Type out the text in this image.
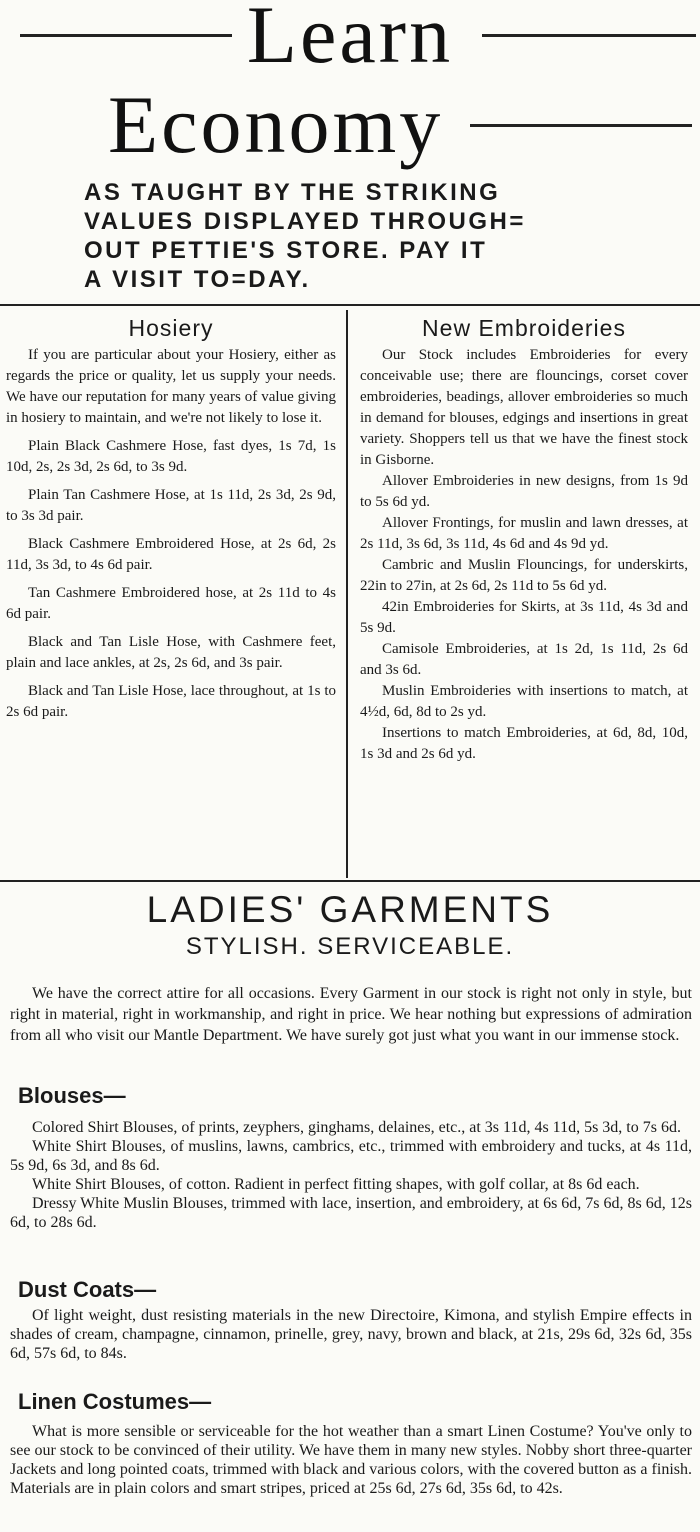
Learn
Economy
AS TAUGHT BY THE STRIKING
VALUES DISPLAYED THROUGH=
OUT PETTIE'S STORE. PAY IT
A VISIT TO=DAY.
Hosiery

If you are particular about your Hosiery, either as regards the price or quality, let us supply your needs. We have our reputation for many years of value giving in hosiery to maintain, and we're not likely to lose it.

Plain Black Cashmere Hose, fast dyes, 1s 7d, 1s 10d, 2s, 2s 3d, 2s 6d, to 3s 9d.

Plain Tan Cashmere Hose, at 1s 11d, 2s 3d, 2s 9d, to 3s 3d pair.

Black Cashmere Embroidered Hose, at 2s 6d, 2s 11d, 3s 3d, to 4s 6d pair.

Tan Cashmere Embroidered hose, at 2s 11d to 4s 6d pair.

Black and Tan Lisle Hose, with Cashmere feet, plain and lace ankles, at 2s, 2s 6d, and 3s pair.

Black and Tan Lisle Hose, lace throughout, at 1s to 2s 6d pair.

New Embroideries

Our Stock includes Embroideries for every conceivable use; there are flouncings, corset cover embroideries, beadings, allover embroideries so much in demand for blouses, edgings and insertions in great variety. Shoppers tell us that we have the finest stock in Gisborne.

Allover Embroideries in new designs, from 1s 9d to 5s 6d yd.

Allover Frontings, for muslin and lawn dresses, at 2s 11d, 3s 6d, 3s 11d, 4s 6d and 4s 9d yd.

Cambric and Muslin Flouncings, for underskirts, 22in to 27in, at 2s 6d, 2s 11d to 5s 6d yd.

42in Embroideries for Skirts, at 3s 11d, 4s 3d and 5s 9d.

Camisole Embroideries, at 1s 2d, 1s 11d, 2s 6d and 3s 6d.

Muslin Embroideries with insertions to match, at 4½d, 6d, 8d to 2s yd.

Insertions to match Embroideries, at 6d, 8d, 10d, 1s 3d and 2s 6d yd.

LADIES' GARMENTS
STYLISH. SERVICEABLE.

We have the correct attire for all occasions. Every Garment in our stock is right not only in style, but right in material, right in workmanship, and right in price. We hear nothing but expressions of admiration from all who visit our Mantle Department. We have surely got just what you want in our immense stock.

Blouses—

Colored Shirt Blouses, of prints, zeyphers, ginghams, delaines, etc., at 3s 11d, 4s 11d, 5s 3d, to 7s 6d.

White Shirt Blouses, of muslins, lawns, cambrics, etc., trimmed with embroidery and tucks, at 4s 11d, 5s 9d, 6s 3d, and 8s 6d.

White Shirt Blouses, of cotton. Radient in perfect fitting shapes, with golf collar, at 8s 6d each.

Dressy White Muslin Blouses, trimmed with lace, insertion, and embroidery, at 6s 6d, 7s 6d, 8s 6d, 12s 6d, to 28s 6d.

Dust Coats—

Of light weight, dust resisting materials in the new Directoire, Kimona, and stylish Empire effects in shades of cream, champagne, cinnamon, prinelle, grey, navy, brown and black, at 21s, 29s 6d, 32s 6d, 35s 6d, 57s 6d, to 84s.

Linen Costumes—

What is more sensible or serviceable for the hot weather than a smart Linen Costume? You've only to see our stock to be convinced of their utility. We have them in many new styles. Nobby short three-quarter Jackets and long pointed coats, trimmed with black and various colors, with the covered button as a finish. Materials are in plain colors and smart stripes, priced at 25s 6d, 27s 6d, 35s 6d, to 42s.
